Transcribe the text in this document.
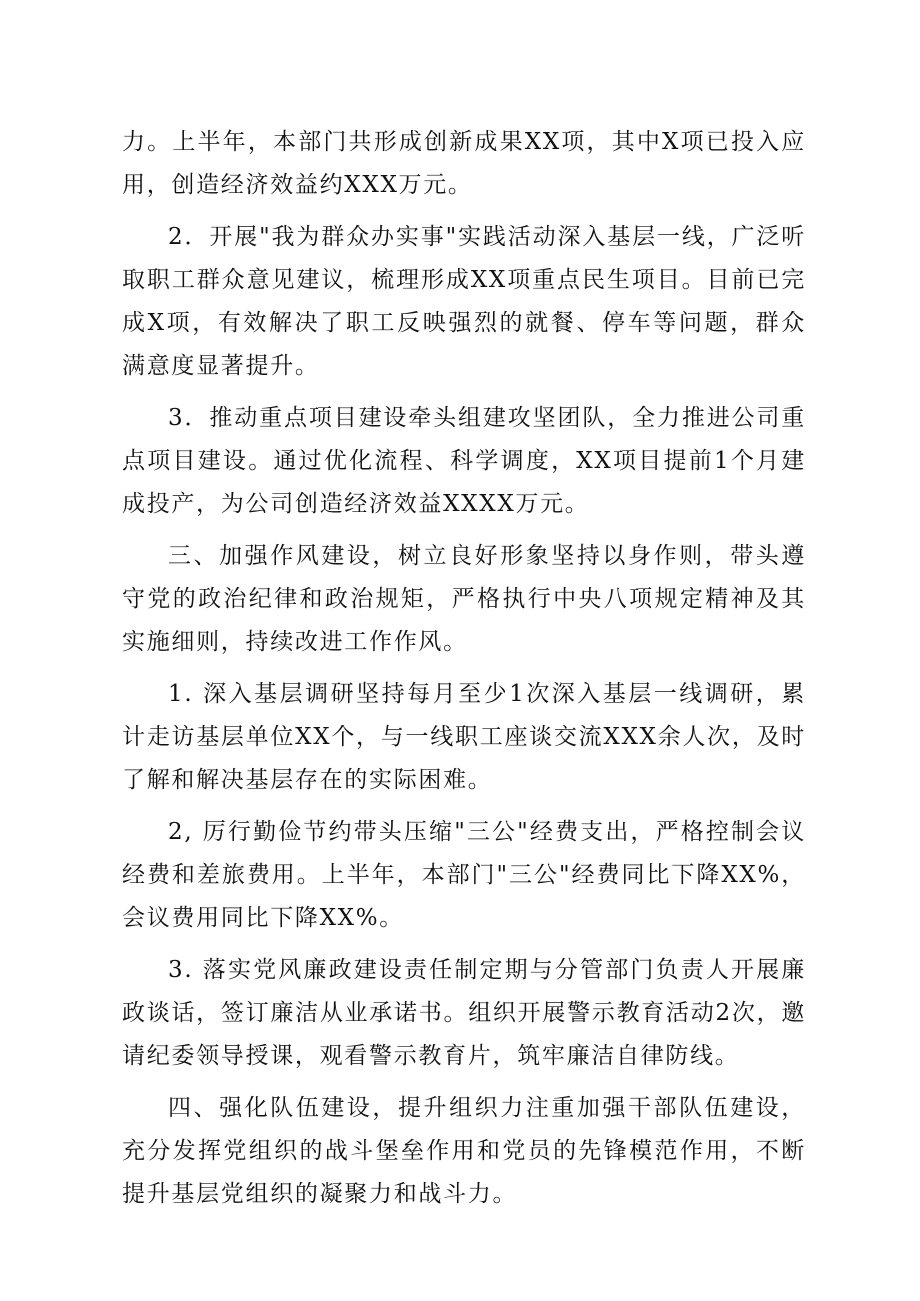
力。上半年，本部门共形成创新成果XX项，其中X项已投入应用，创造经济效益约XXX万元。

2．开展"我为群众办实事"实践活动深入基层一线，广泛听取职工群众意见建议，梳理形成XX项重点民生项目。目前已完成X项，有效解决了职工反映强烈的就餐、停车等问题，群众满意度显著提升。

3．推动重点项目建设牵头组建攻坚团队，全力推进公司重点项目建设。通过优化流程、科学调度，XX项目提前1个月建成投产，为公司创造经济效益XXXX万元。

三、加强作风建设，树立良好形象坚持以身作则，带头遵守党的政治纪律和政治规矩，严格执行中央八项规定精神及其实施细则，持续改进工作作风。

1. 深入基层调研坚持每月至少1次深入基层一线调研，累计走访基层单位XX个，与一线职工座谈交流XXX余人次，及时了解和解决基层存在的实际困难。

2, 厉行勤俭节约带头压缩"三公"经费支出，严格控制会议经费和差旅费用。上半年，本部门"三公"经费同比下降XX%，会议费用同比下降XX%。

3. 落实党风廉政建设责任制定期与分管部门负责人开展廉政谈话，签订廉洁从业承诺书。组织开展警示教育活动2次，邀请纪委领导授课，观看警示教育片，筑牢廉洁自律防线。

四、强化队伍建设，提升组织力注重加强干部队伍建设，充分发挥党组织的战斗堡垒作用和党员的先锋模范作用，不断提升基层党组织的凝聚力和战斗力。
